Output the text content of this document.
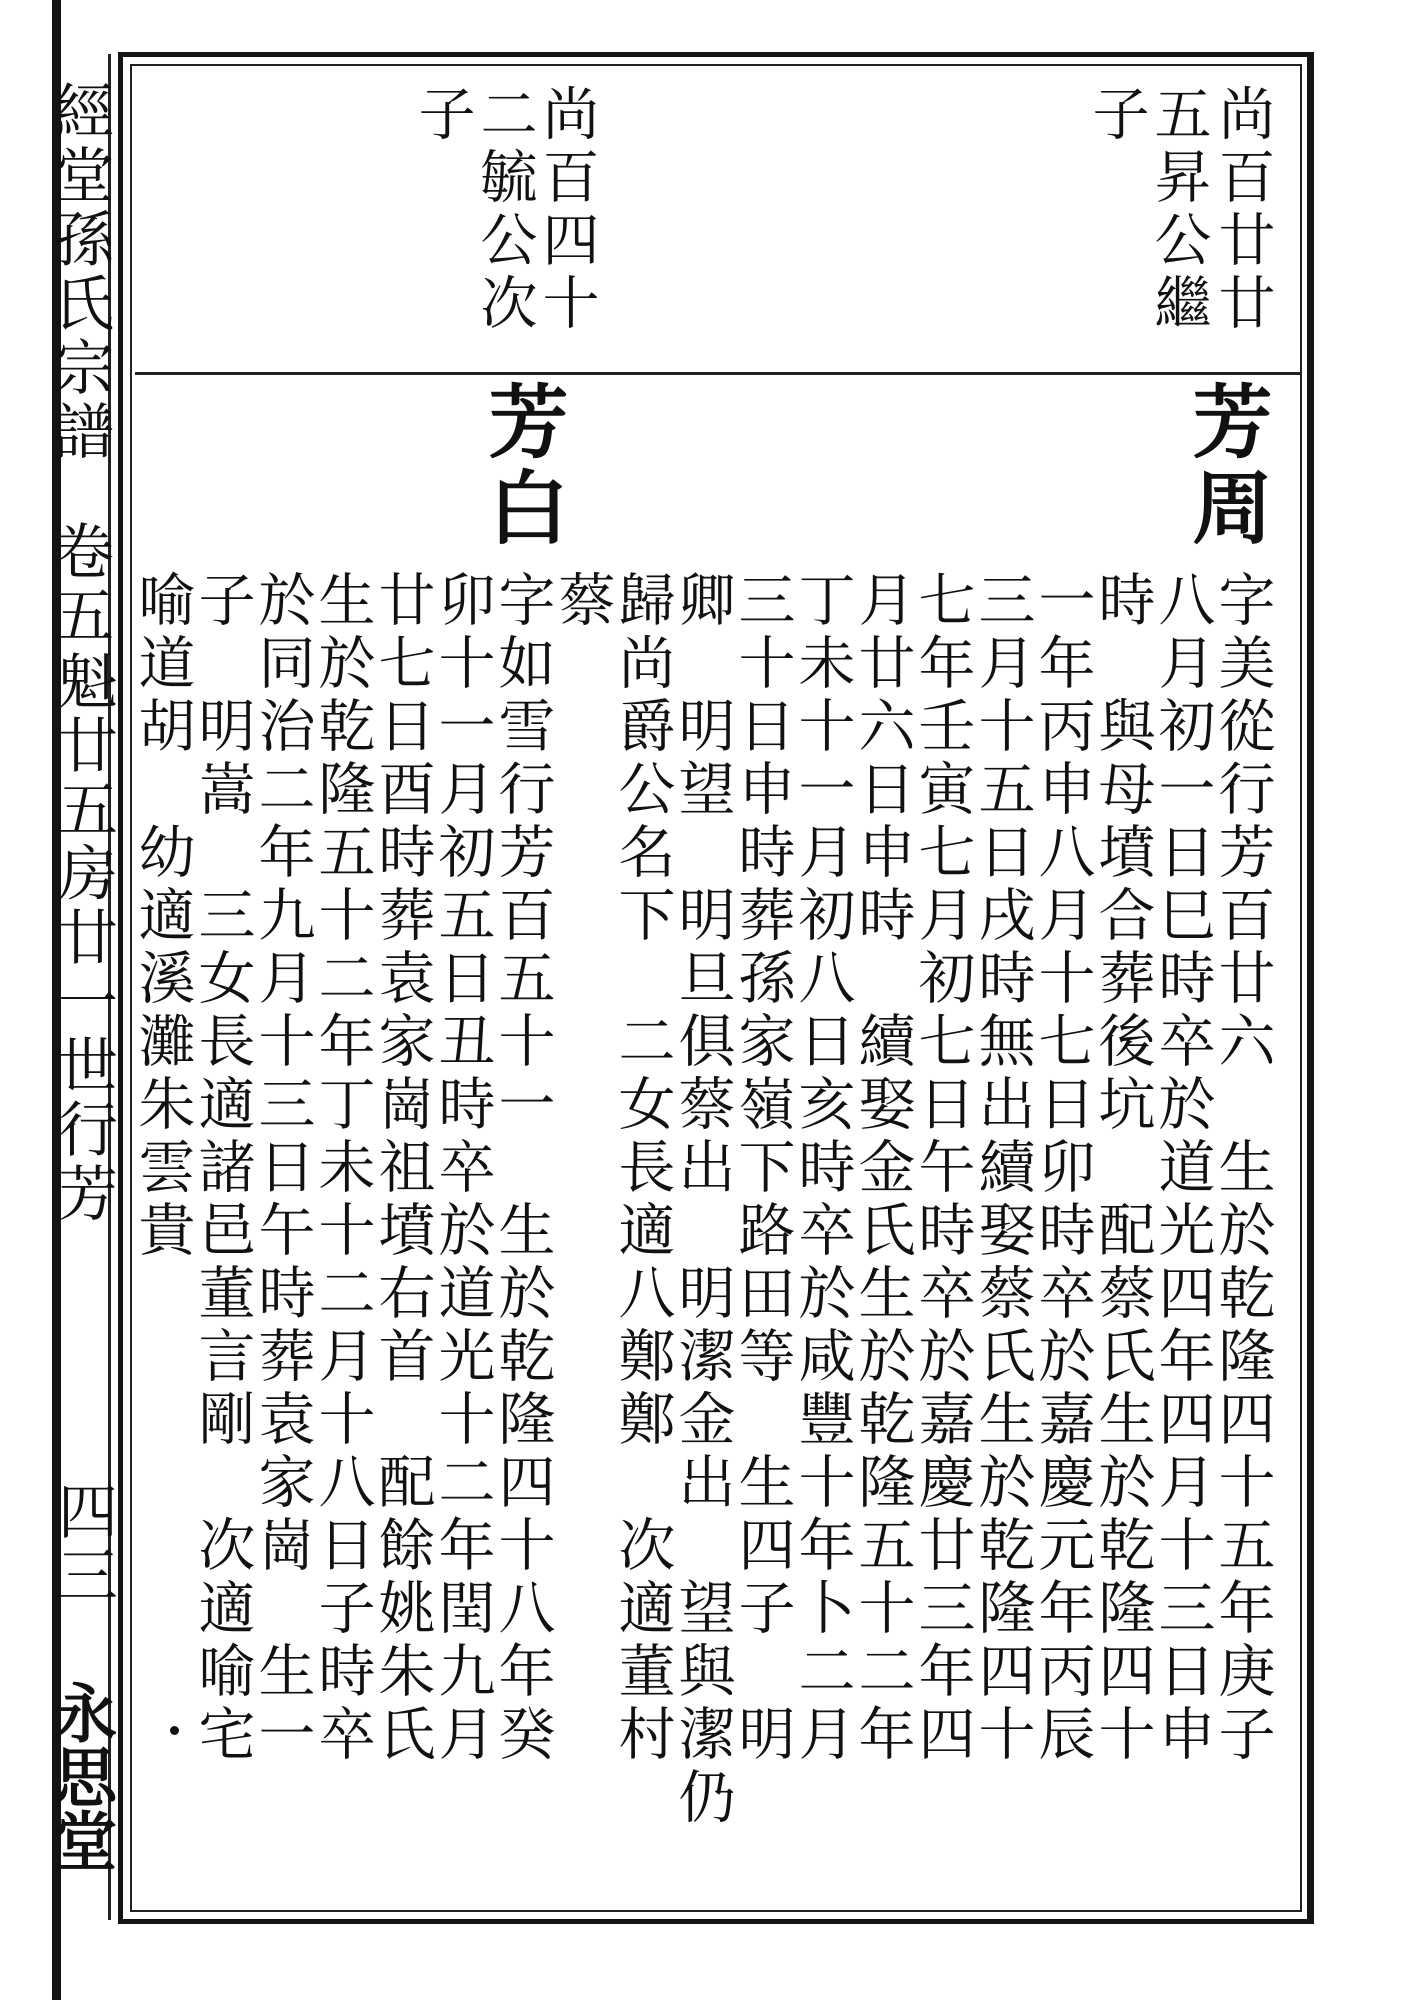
經堂孫氏宗譜
卷五
魁廿五房廿一世行芳
四三
永思堂
尚百廿廿
五昇公繼
子
尚百四十
二毓公次
子
芳周
字美從行芳百廿六　生於乾隆四十五年庚子
八月初一日巳時卒於道光四年四月十三日申
時　與母墳合葬後坑　配蔡氏生於乾隆四十
一年丙申八月十七日卯時卒於嘉慶元年丙辰
三月十五日戌時無出續娶蔡氏生於乾隆四十
七年壬寅七月初七日午時卒於嘉慶廿三年四
月廿六日申時　續娶金氏生於乾隆五十二年
丁未十一月初八日亥時卒於咸豐十年卜二月
三十日申時葬孫家嶺下路田等　生四子　明
卿　明望　明旦俱蔡出　明潔金出　望與潔仍
歸尚爵公名下　二女長適八鄭鄭　次適董村
蔡
芳白
字如雪行芳百五十一　生於乾隆四十八年癸
卯十一月初五日丑時卒於道光十二年閏九月
廿七日酉時葬袁家崗祖墳右首　配餘姚朱氏
生於乾隆五十二年丁未十二月十八日子時卒
於同治二年九月十三日午時葬袁家崗　生一
子　明嵩　三女長適諸邑董言剛　次適喻宅
喻道胡　幼適溪灘朱雲貴
